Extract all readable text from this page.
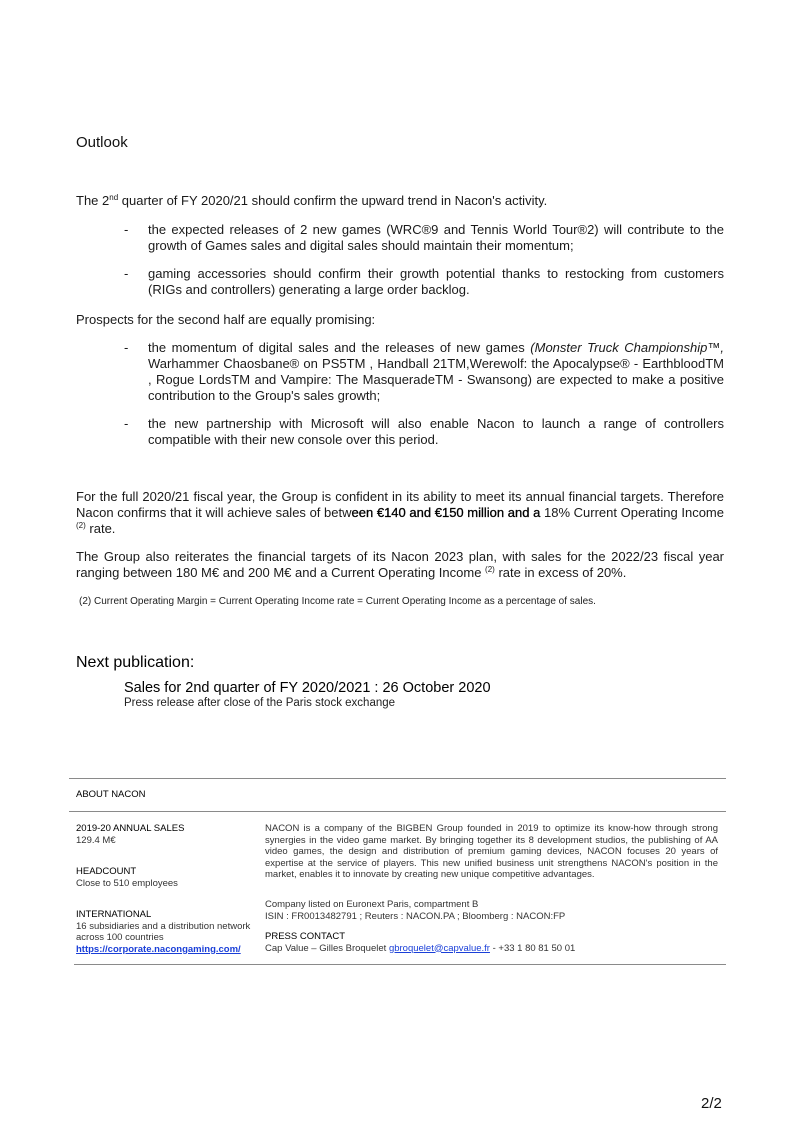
Outlook
The 2nd quarter of FY 2020/21 should confirm the upward trend in Nacon's activity.
- the expected releases of 2 new games (WRC®9 and Tennis World Tour®2) will contribute to the growth of Games sales and digital sales should maintain their momentum;
- gaming accessories should confirm their growth potential thanks to restocking from customers (RIGs and controllers) generating a large order backlog.
Prospects for the second half are equally promising:
- the momentum of digital sales and the releases of new games (Monster Truck Championship™, Warhammer Chaosbane® on PS5TM , Handball 21TM,Werewolf: the Apocalypse® - EarthbloodTM , Rogue LordsTM and Vampire: The MasqueradeTM - Swansong) are expected to make a positive contribution to the Group's sales growth;
- the new partnership with Microsoft will also enable Nacon to launch a range of controllers compatible with their new console over this period.
For the full 2020/21 fiscal year, the Group is confident in its ability to meet its annual financial targets. Therefore Nacon confirms that it will achieve sales of between €140 and €150 million and a 18% Current Operating Income $^{(2)}$ rate.
The Group also reiterates the financial targets of its Nacon 2023 plan, with sales for the 2022/23 fiscal year ranging between 180 M€ and 200 M€ and a Current Operating Income $^{(2)}$ rate in excess of 20%.
(2) Current Operating Margin = Current Operating Income rate = Current Operating Income as a percentage of sales.
Next publication:
Sales for 2nd quarter of FY 2020/2021 : 26 October 2020
Press release after close of the Paris stock exchange
ABOUT NACON
2019-20 ANNUAL SALES
129.4 M€
HEADCOUNT
Close to 510 employees
INTERNATIONAL
16 subsidiaries and a distribution network
across 100 countries
https://corporate.nacongaming.com/
NACON is a company of the BIGBEN Group founded in 2019 to optimize its know-how through strong synergies in the video game market. By bringing together its 8 development studios, the publishing of AA video games, the design and distribution of premium gaming devices, NACON focuses 20 years of expertise at the service of players. This new unified business unit strengthens NACON's position in the market, enables it to innovate by creating new unique competitive advantages.
Company listed on Euronext Paris, compartment B
ISIN : FR0013482791 ; Reuters : NACON.PA ; Bloomberg : NACON:FP
PRESS CONTACT
Cap Value – Gilles Broquelet gbroquelet@capvalue.fr - +33 1 80 81 50 01
2/2
